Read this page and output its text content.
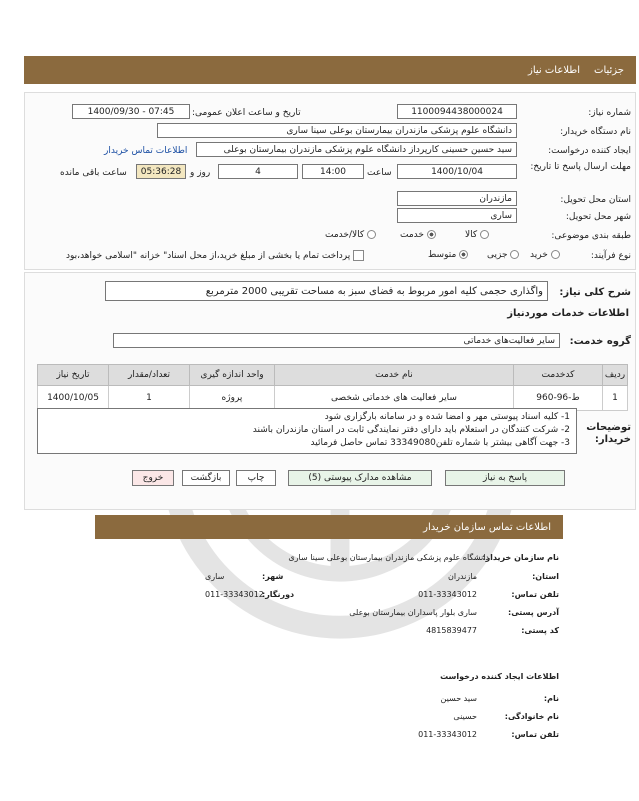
اطلاعات نیاز جزئیات
شماره نیاز:
1100094438000024
تاریخ و ساعت اعلان عمومی:
1400/09/30 - 07:45
نام دستگاه خریدار:
دانشگاه علوم پزشکی مازندران بیمارستان بوعلی سینا ساری
ایجاد کننده درخواست:
سید حسین حسینی کارپرداز دانشگاه علوم پزشکی مازندران بیمارستان بوعلی
اطلاعات تماس خریدار
مهلت ارسال پاسخ تا تاریخ:
1400/10/04
ساعت
14:00
4
روز و
05:36:28
ساعت باقی مانده
استان محل تحویل:
مازندران
شهر محل تحویل:
ساری
طبقه بندی موضوعی:
کالا
خدمت
کالا/خدمت
نوع فرآیند:
خرید
جزیی
متوسط
پرداخت تمام یا بخشی از مبلغ خرید،از محل اسناد" خزانه "اسلامی خواهد،بود
شرح کلی نیاز:
واگذاری حجمی کلیه امور مربوط به فضای سبز به مساحت تقریبی 2000 مترمربع
اطلاعات خدمات موردنیاز
گروه خدمت:
سایر فعالیت‌های خدماتی
ردیف	کدخدمت	نام خدمت	واحد اندازه گیری	تعداد/مقدار	تاریخ نیاز
1	ط-96-960	سایر فعالیت های خدماتی شخصی	پروژه	1	1400/10/05
توضیحات خریدار:
1- کلیه اسناد پیوستی مهر و امضا شده و در سامانه بارگزاری شود
2- شرکت کنندگان در استعلام باید دارای دفتر نمایندگی ثابت در استان مازندران باشند
3- جهت آگاهی بیشتر با شماره تلفن33349080 تماس حاصل فرمائید
پاسخ به نیاز
مشاهده مدارک پیوستی (5)
چاپ
بازگشت
خروج
اطلاعات تماس سازمان خریدار
نام سازمان خریدار:
دانشگاه علوم پزشکی مازندران بیمارستان بوعلی سینا ساری
استان:
مازندران
شهر:
ساری
تلفن تماس:
011-33343012
دورنگار:
011-33343012
آدرس پستی:
ساری بلوار پاسداران بیمارستان بوعلی
کد پستی:
4815839477
اطلاعات ایجاد کننده درخواست
نام:
سید حسین
نام خانوادگی:
حسینی
تلفن تماس:
011-33343012
